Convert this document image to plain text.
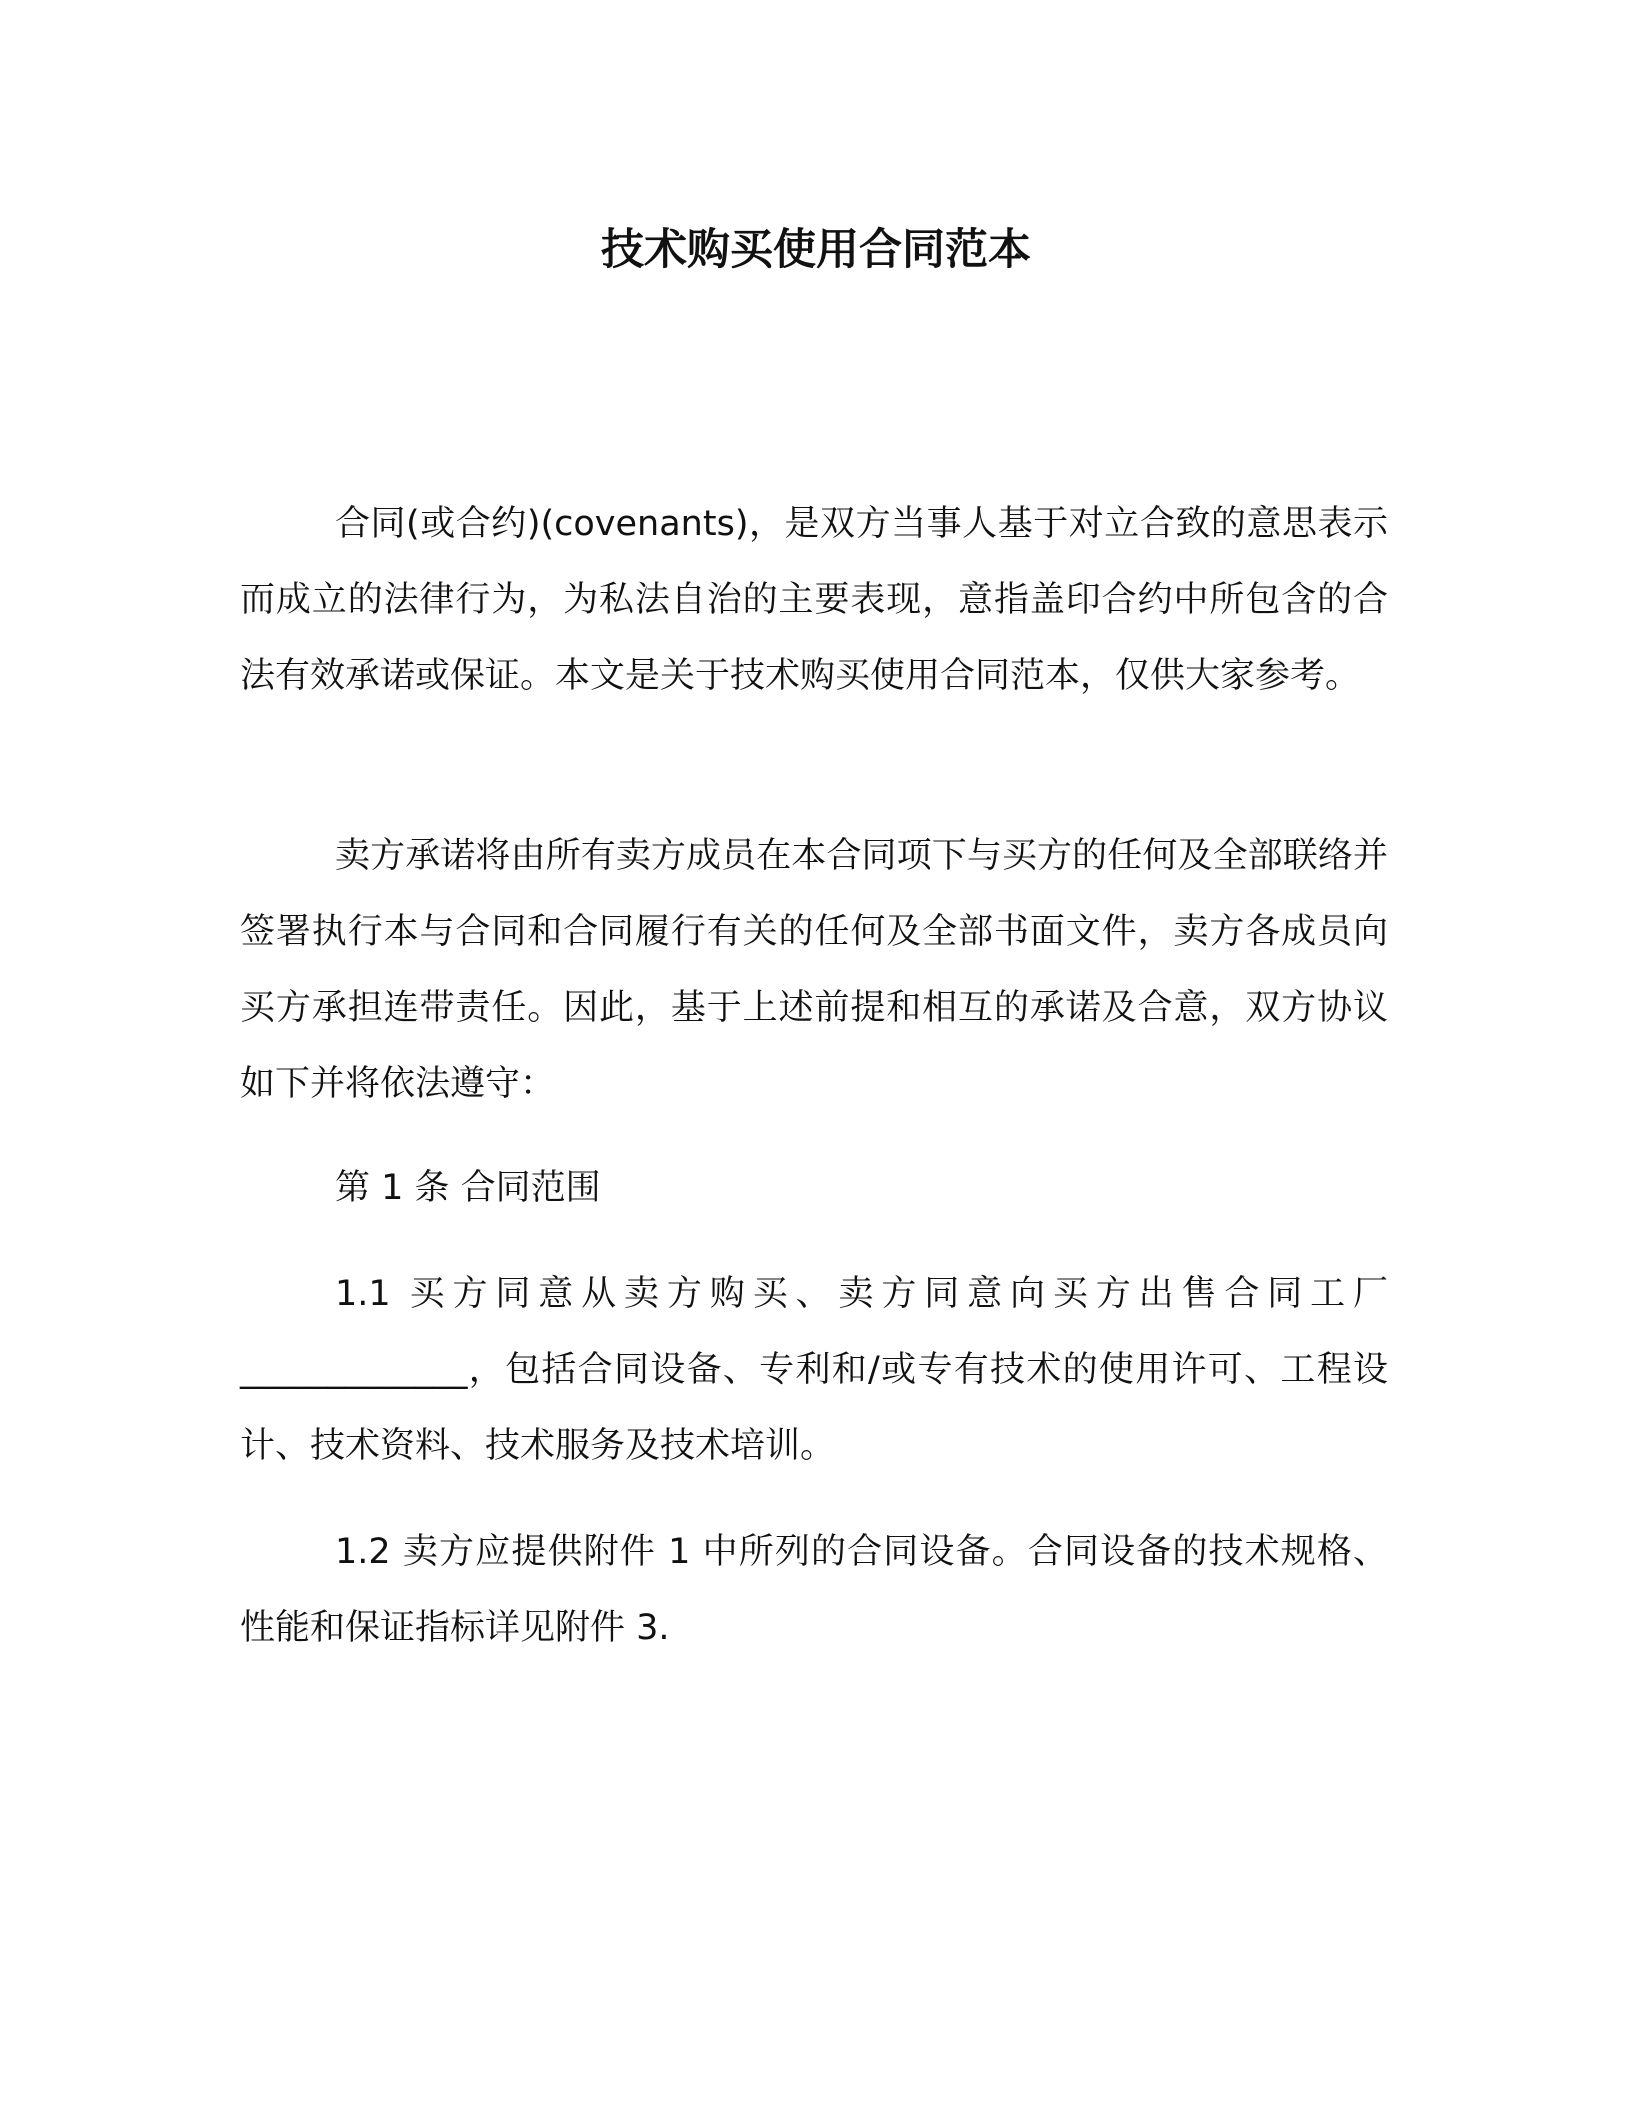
技术购买使用合同范本

合同(或合约)(covenants)，是双方当事人基于对立合致的意思表示而成立的法律行为，为私法自治的主要表现，意指盖印合约中所包含的合法有效承诺或保证。本文是关于技术购买使用合同范本，仅供大家参考。

卖方承诺将由所有卖方成员在本合同项下与买方的任何及全部联络并签署执行本与合同和合同履行有关的任何及全部书面文件，卖方各成员向买方承担连带责任。因此，基于上述前提和相互的承诺及合意，双方协议如下并将依法遵守：

第 1 条 合同范围

1.1 买方同意从卖方购买、卖方同意向买方出售合同工厂_____________，包括合同设备、专利和/或专有技术的使用许可、工程设计、技术资料、技术服务及技术培训。

1.2 卖方应提供附件 1 中所列的合同设备。合同设备的技术规格、性能和保证指标详见附件 3.
